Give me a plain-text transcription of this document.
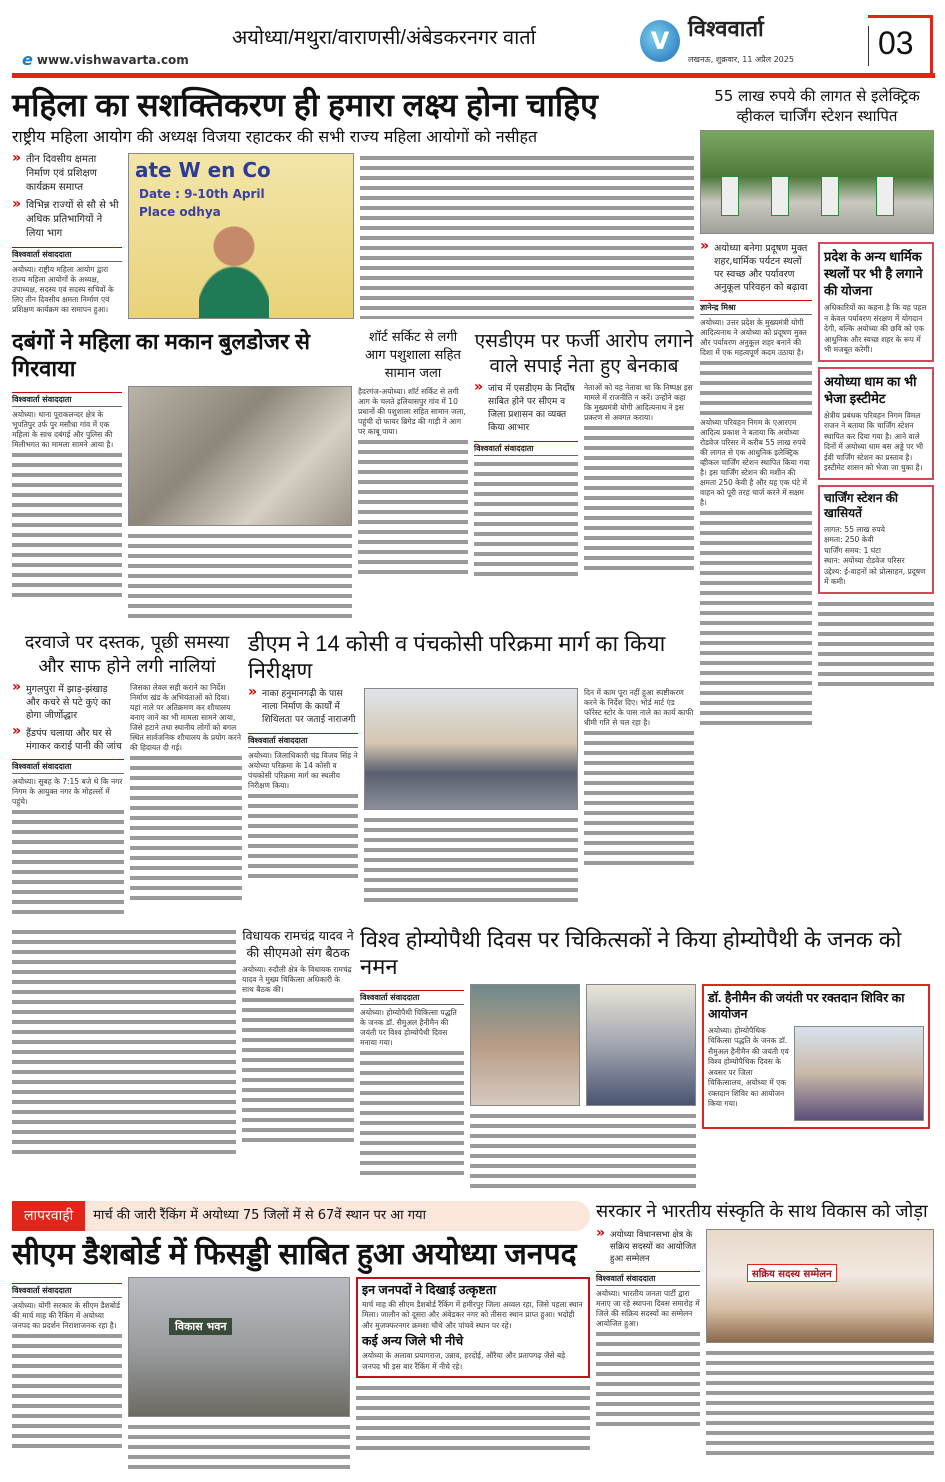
e www.vishwavarta.com
अयोध्या/मथुरा/वाराणसी/अंबेडकरनगर वार्ता	V विश्ववार्ता
लखनऊ, शुक्रवार, 11 अप्रैल 2025	03
महिला का सशक्तिकरण ही हमारा लक्ष्य होना चाहिए
राष्ट्रीय महिला आयोग की अध्यक्ष विजया रहाटकर की सभी राज्य महिला आयोगों को नसीहत
» तीन दिवसीय क्षमता निर्माण एवं प्रशिक्षण कार्यक्रम समाप्त
» विभिन्न राज्यों से सौ से भी अधिक प्रतिभागियों ने लिया भाग
विश्ववार्ता संवाददाता
अयोध्या। राष्ट्रीय महिला आयोग द्वारा राज्य महिला आयोगों के अध्यक्ष, उपाध्यक्ष, सदस्य एवं सदस्य सचिवों के लिए तीन दिवसीय क्षमता निर्माण एवं प्रशिक्षण कार्यक्रम का समापन हुआ।
ate W en Co
Date : 9-10th April
Place odhya
दबंगों ने महिला का मकान बुलडोजर से गिरवाया
विश्ववार्ता संवाददाता
अयोध्या। थाना पूराकलन्दर क्षेत्र के भूपतिपुर उर्फ पुर मसौधा गांव में एक महिला के साथ दबंगई और पुलिस की मिलीभगत का मामला सामने आया है।
शॉर्ट सर्किट से लगी आग पशुशाला सहित सामान जला
हैदरगंज-अयोध्या। शॉर्ट सर्किट से लगी आग के चलते इलियासपुर गांव में 10 प्रधानों की पशुशाला सहित सामान जला, पहुंची दो फायर ब्रिगेड की गाड़ी ने आग पर काबू पाया।
एसडीएम पर फर्जी आरोप लगाने वाले सपाई नेता हुए बेनकाब
» जांच में एसडीएम के निर्दोष साबित होने पर सीएम व जिला प्रशासन का व्यक्त किया आभार
विश्ववार्ता संवाददाता
नेताओं को यह नेतावा था कि निष्पक्ष इस मामले में राजनीति न करें। उन्होंने कहा कि मुख्यमंत्री योगी आदित्यनाथ ने इस प्रकरण से अवगत कराया।
दरवाजे पर दस्तक, पूछी समस्या और साफ होने लगी नालियां
» मुगलपुरा में झाड़-झंखाड़ और कचरे से पटे कुएं का होगा जीर्णोद्धार
» हैंडपंप चलाया और घर से मंगाकर कराई पानी की जांच
विश्ववार्ता संवाददाता
अयोध्या। सुबह के 7:15 बजे थे कि नगर निगम के आयुक्त नगर के मोहल्लों में पहुंचे।
जिसका लेवल सही कराने का निर्देश निर्माण खंड के अभियंताओं को दिया। यहां नाले पर अतिक्रमण कर शौचालय बनाए जाने का भी मामला सामने आया, जिसे हटाने तथा स्थानीय लोगों को बगल स्थित सार्वजनिक शौचालय के प्रयोग करने की हिदायत दी गई।
डीएम ने 14 कोसी व पंचकोसी परिक्रमा मार्ग का किया निरीक्षण
» नाका हनुमानगढ़ी के पास नाला निर्माण के कार्यों में शिथिलता पर जताई नाराजगी
विश्ववार्ता संवाददाता
अयोध्या। जिलाधिकारी चंद्र विजय सिंह ने अयोध्या परिक्रमा के 14 कोसी व पंचकोसी परिक्रमा मार्ग का स्थलीय निरीक्षण किया।
दिन में काम पूरा नहीं हुआ स्पष्टीकरण करने के निर्देश दिए। भोर्ड मार्ट एंड फॉरेस्ट स्टोर के पास नाले का कार्य काफी धीमी गति से चल रहा है।
55 लाख रुपये की लागत से इलेक्ट्रिक व्हीकल चार्जिंग स्टेशन स्थापित
» अयोध्या बनेगा प्रदूषण मुक्त शहर,धार्मिक पर्यटन स्थलों पर स्वच्छ और पर्यावरण अनुकूल परिवहन को बढ़ावा
ज्ञानेन्द्र मिश्रा
अयोध्या। उत्तर प्रदेश के मुख्यमंत्री योगी आदित्यनाथ ने अयोध्या को प्रदूषण मुक्त और पर्यावरण अनुकूल शहर बनाने की दिशा में एक महत्वपूर्ण कदम उठाया है।
अयोध्या परिवहन निगम के एआरएम आदित्य प्रकाश ने बताया कि अयोध्या रोडवेज परिसर में करीब 55 लाख रुपये की लागत से एक आधुनिक इलेक्ट्रिक व्हीकल चार्जिंग स्टेशन स्थापित किया गया है। इस चार्जिंग स्टेशन की मशीन की क्षमता 250 केवी है और यह एक घंटे में वाहन को पूरी तरह चार्ज करने में सक्षम है।
प्रदेश के अन्य धार्मिक स्थलों पर भी है लगाने की योजना
अधिकारियों का कहना है कि यह पहल न केवल पर्यावरण संरक्षण में योगदान देगी, बल्कि अयोध्या की छवि को एक आधुनिक और स्वच्छ शहर के रूप में भी मजबूत करेगी।
अयोध्या धाम का भी भेजा इस्टीमेट
क्षेत्रीय प्रबंधक परिवहन निगम विमल राजन ने बताया कि चार्जिंग स्टेशन स्थापित कर दिया गया है। आने वाले दिनों में अयोध्या धाम बस अड्डे पर भी ईवी चार्जिंग स्टेशन का प्रस्ताव है। इस्टीमेट शासन को भेजा जा चुका है।
चार्जिंग स्टेशन की खासियतें
लागत: 55 लाख रुपये
क्षमता: 250 केवी
चार्जिंग समय: 1 घंटा
स्थान: अयोध्या रोडवेज परिसर
उद्देश्य: ई-वाहनों को प्रोत्साहन, प्रदूषण में कमी।
विधायक रामचंद्र यादव ने की सीएमओ संग बैठक
अयोध्या। रुदौली क्षेत्र के विधायक रामचंद्र यादव ने मुख्य चिकित्सा अधिकारी के साथ बैठक की।
विश्व होम्योपैथी दिवस पर चिकित्सकों ने किया होम्योपैथी के जनक को नमन
विश्ववार्ता संवाददाता
अयोध्या। होम्योपैथी चिकित्सा पद्धति के जनक डॉ. सैमुअल हैनीमैन की जयंती पर विश्व होम्योपैथी दिवस मनाया गया।
डॉ. हैनीमैन की जयंती पर रक्तदान शिविर का आयोजन
अयोध्या। होम्योपैथिक चिकित्सा पद्धति के जनक डॉ. सैमुअल हैनीमैन की जयंती एवं विश्व होम्योपैथिक दिवस के अवसर पर जिला चिकित्सालय, अयोध्या में एक रक्तदान शिविर का आयोजन किया गया।
लापरवाही	मार्च की जारी रैंकिंग में अयोध्या 75 जिलों में से 67वें स्थान पर आ गया
सीएम डैशबोर्ड में फिसड्डी साबित हुआ अयोध्या जनपद
विश्ववार्ता संवाददाता
अयोध्या। योगी सरकार के सीएम डैशबोर्ड की मार्च माह की रैंकिंग में अयोध्या जनपद का प्रदर्शन निराशाजनक रहा है।	विकास भवन
इन जनपदों ने दिखाई उत्कृष्टता
मार्च माह की सीएम डैशबोर्ड रैंकिंग में हमीरपुर जिला अव्वल रहा, जिसे पहला स्थान मिला। जालौन को दूसरा और अंबेडकर नगर को तीसरा स्थान प्राप्त हुआ। भदोही और मुजफ्फरनगर क्रमशः चौथे और पांचवें स्थान पर रहे।
कई अन्य जिले भी नीचे
अयोध्या के अलावा प्रयागराज, उन्नाव, हरदोई, औरैया और प्रतापगढ़ जैसे बड़े जनपद भी इस बार रैंकिंग में नीचे रहे।
सरकार ने भारतीय संस्कृति के साथ विकास को जोड़ा
» अयोध्या विधानसभा क्षेत्र के सक्रिय सदस्यों का आयोजित हुआ सम्मेलन
विश्ववार्ता संवाददाता
अयोध्या। भारतीय जनता पार्टी द्वारा मनाए जा रहे स्थापना दिवस समारोह में जिले की सक्रिय सदस्यों का सम्मेलन आयोजित हुआ।
सक्रिय सदस्य सम्मेलन
